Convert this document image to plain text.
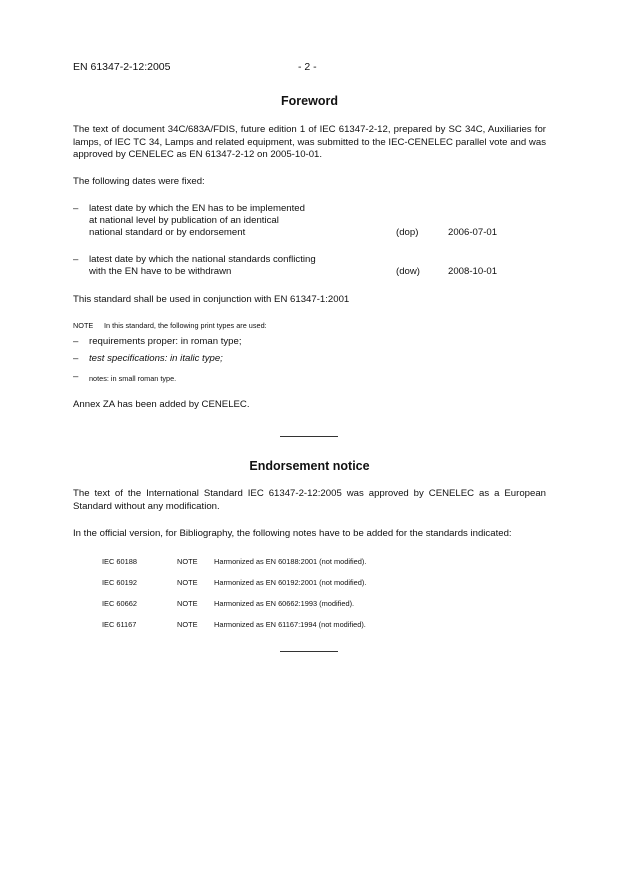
EN 61347-2-12:2005	- 2 -
Foreword
The text of document 34C/683A/FDIS, future edition 1 of IEC 61347-2-12, prepared by SC 34C, Auxiliaries for lamps, of IEC TC 34, Lamps and related equipment, was submitted to the IEC-CENELEC parallel vote and was approved by CENELEC as EN 61347-2-12 on 2005-10-01.
The following dates were fixed:
– latest date by which the EN has to be implemented
at national level by publication of an identical
national standard or by endorsement	(dop)	2006-07-01
– latest date by which the national standards conflicting
with the EN have to be withdrawn	(dow)	2008-10-01
This standard shall be used in conjunction with EN 61347-1:2001
NOTE In this standard, the following print types are used:
– requirements proper: in roman type;
– test specifications: in italic type;
– notes: in small roman type.
Annex ZA has been added by CENELEC.
Endorsement notice
The text of the International Standard IEC 61347-2-12:2005 was approved by CENELEC as a European Standard without any modification.
In the official version, for Bibliography, the following notes have to be added for the standards indicated:
IEC 60188	NOTE Harmonized as EN 60188:2001 (not modified).
IEC 60192	NOTE Harmonized as EN 60192:2001 (not modified).
IEC 60662	NOTE Harmonized as EN 60662:1993 (modified).
IEC 61167	NOTE Harmonized as EN 61167:1994 (not modified).
